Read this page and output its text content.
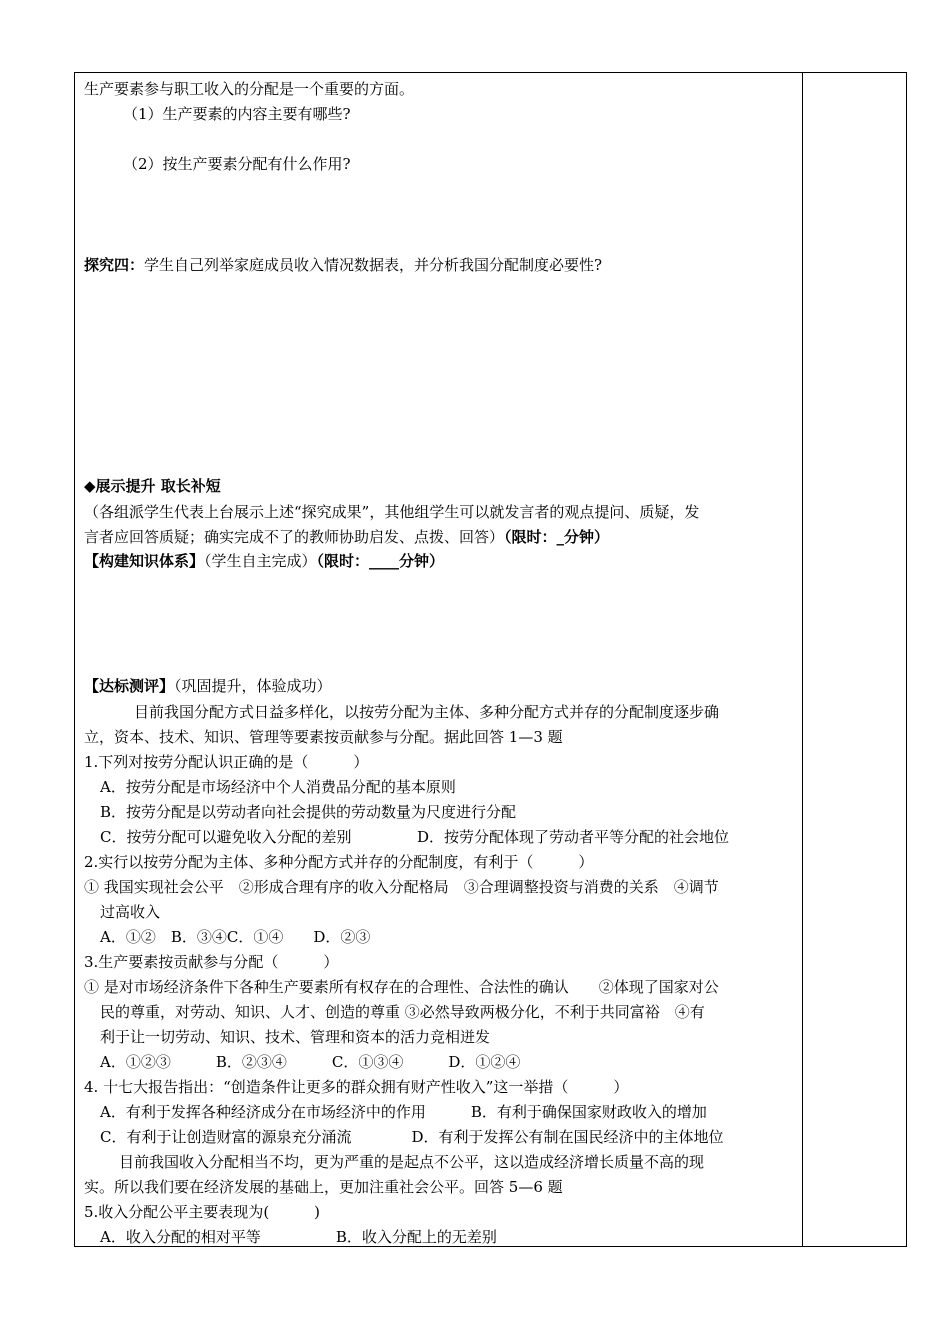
生产要素参与职工收入的分配是一个重要的方面。
（1）生产要素的内容主要有哪些?
（2）按生产要素分配有什么作用?
探究四：学生自己列举家庭成员收入情况数据表，并分析我国分配制度必要性?
◆展示提升 取长补短
（各组派学生代表上台展示上述“探究成果”，其他组学生可以就发言者的观点提问、质疑，发
言者应回答质疑；确实完成不了的教师协助启发、点拨、回答）（限时：_分钟）
【构建知识体系】（学生自主完成）（限时：____分钟）
【达标测评】（巩固提升，体验成功）
目前我国分配方式日益多样化，以按劳分配为主体、多种分配方式并存的分配制度逐步确
立，资本、技术、知识、管理等要素按贡献参与分配。据此回答 1—3 题
1.下列对按劳分配认识正确的是（　　　）
A．按劳分配是市场经济中个人消费品分配的基本原则
B．按劳分配是以劳动者向社会提供的劳动数量为尺度进行分配
C．按劳分配可以避免收入分配的差别	D．按劳分配体现了劳动者平等分配的社会地位
2.实行以按劳分配为主体、多种分配方式并存的分配制度，有利于（　　　）
① 我国实现社会公平　②形成合理有序的收入分配格局　③合理调整投资与消费的关系　④调节
过高收入
A．①②　B．③④C．①④　　D．②③
3.生产要素按贡献参与分配（　　　）
① 是对市场经济条件下各种生产要素所有权存在的合理性、合法性的确认　　②体现了国家对公
民的尊重，对劳动、知识、人才、创造的尊重 ③必然导致两极分化，不利于共同富裕　④有
利于让一切劳动、知识、技术、管理和资本的活力竞相迸发
A．①②③　　　B．②③④　　　C．①③④　　　D．①②④
4. 十七大报告指出：“创造条件让更多的群众拥有财产性收入”这一举措（　　　）
A．有利于发挥各种经济成分在市场经济中的作用　　　B．有利于确保国家财政收入的增加
C．有利于让创造财富的源泉充分涌流　　　　D．有利于发挥公有制在国民经济中的主体地位
目前我国收入分配相当不均，更为严重的是起点不公平，这以造成经济增长质量不高的现
实。所以我们要在经济发展的基础上，更加注重社会公平。回答 5—6 题
5.收入分配公平主要表现为(　　　)
A．收入分配的相对平等　　　　　B．收入分配上的无差别
